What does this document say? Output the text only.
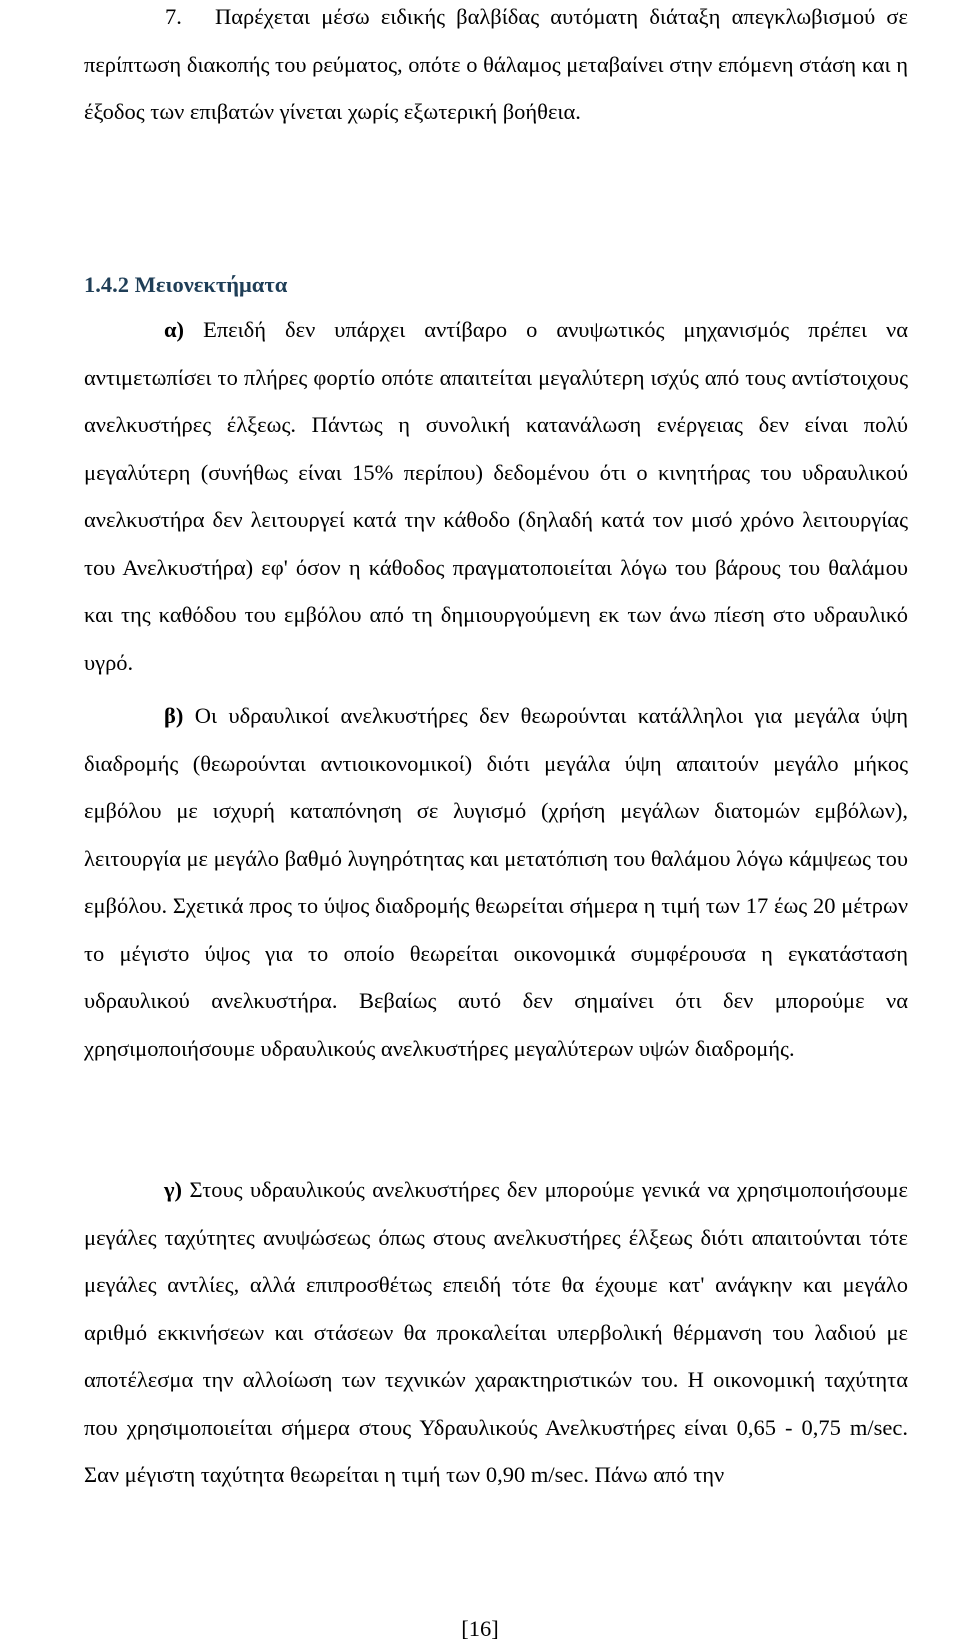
7. Παρέχεται μέσω ειδικής βαλβίδας αυτόματη διάταξη απεγκλωβισμού σε περίπτωση διακοπής του ρεύματος, οπότε ο θάλαμος μεταβαίνει στην επόμενη στάση και η έξοδος των επιβατών γίνεται χωρίς εξωτερική βοήθεια.

1.4.2 Μειονεκτήματα

α) Επειδή δεν υπάρχει αντίβαρο ο ανυψωτικός μηχανισμός πρέπει να αντιμετωπίσει το πλήρες φορτίο οπότε απαιτείται μεγαλύτερη ισχύς από τους αντίστοιχους ανελκυστήρες έλξεως. Πάντως η συνολική κατανάλωση ενέργειας δεν είναι πολύ μεγαλύτερη (συνήθως είναι 15% περίπου) δεδομένου ότι ο κινητήρας του υδραυλικού ανελκυστήρα δεν λειτουργεί κατά την κάθοδο (δηλαδή κατά τον μισό χρόνο λειτουργίας του Ανελκυστήρα) εφ' όσον η κάθοδος πραγματοποιείται λόγω του βάρους του θαλάμου και της καθόδου του εμβόλου από τη δημιουργούμενη εκ των άνω πίεση στο υδραυλικό υγρό.

β) Οι υδραυλικοί ανελκυστήρες δεν θεωρούνται κατάλληλοι για μεγάλα ύψη διαδρομής (θεωρούνται αντιοικονομικοί) διότι μεγάλα ύψη απαιτούν μεγάλο μήκος εμβόλου με ισχυρή καταπόνηση σε λυγισμό (χρήση μεγάλων διατομών εμβόλων), λειτουργία με μεγάλο βαθμό λυγηρότητας και μετατόπιση του θαλάμου λόγω κάμψεως του εμβόλου. Σχετικά προς το ύψος διαδρομής θεωρείται σήμερα η τιμή των 17 έως 20 μέτρων το μέγιστο ύψος για το οποίο θεωρείται οικονομικά συμφέρουσα η εγκατάσταση υδραυλικού ανελκυστήρα. Βεβαίως αυτό δεν σημαίνει ότι δεν μπορούμε να χρησιμοποιήσουμε υδραυλικούς ανελκυστήρες μεγαλύτερων υψών διαδρομής.

γ) Στους υδραυλικούς ανελκυστήρες δεν μπορούμε γενικά να χρησιμοποιήσουμε μεγάλες ταχύτητες ανυψώσεως όπως στους ανελκυστήρες έλξεως διότι απαιτούνται τότε μεγάλες αντλίες, αλλά επιπροσθέτως επειδή τότε θα έχουμε κατ' ανάγκην και μεγάλο αριθμό εκκινήσεων και στάσεων θα προκαλείται υπερβολική θέρμανση του λαδιού με αποτέλεσμα την αλλοίωση των τεχνικών χαρακτηριστικών του. Η οικονομική ταχύτητα που χρησιμοποιείται σήμερα στους Υδραυλικούς Ανελκυστήρες είναι 0,65 - 0,75 m/sec. Σαν μέγιστη ταχύτητα θεωρείται η τιμή των 0,90 m/sec. Πάνω από την

[16]
